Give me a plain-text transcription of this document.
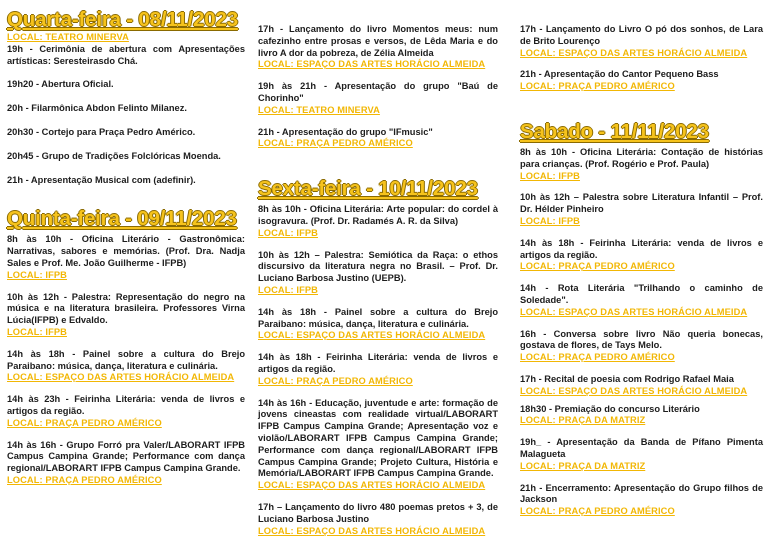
Quarta-feira - 08/11/2023
LOCAL: TEATRO MINERVA
19h - Cerimônia de abertura com Apresentações artísticas: Seresteirasdo Chá.
19h20 - Abertura Oficial.
20h - Filarmônica Abdon Felinto Milanez.
20h30 - Cortejo para Praça Pedro Américo.
20h45 - Grupo de Tradições Folclóricas Moenda.
21h - Apresentação Musical com (adefinir).
Quinta-feira - 09/11/2023
8h às 10h - Oficina Literário - Gastronômica: Narrativas, sabores e memórias. (Prof. Dra. Nadja Sales e Prof. Me. João Guilherme - IFPB)
LOCAL: IFPB
10h às 12h - Palestra: Representação do negro na música e na literatura brasileira. Professores Virna Lúcia(IFPB) e Edvaldo.
LOCAL: IFPB
14h às 18h - Painel sobre a cultura do Brejo Paraibano: música, dança, literatura e culinária.
LOCAL: ESPAÇO DAS ARTES HORÁCIO ALMEIDA
14h às 23h - Feirinha Literária: venda de livros e artigos da região.
LOCAL: PRAÇA PEDRO AMÉRICO
14h às 16h - Grupo Forró pra Valer/LABORART IFPB Campus Campina Grande; Performance com dança regional/LABORART IFPB Campus Campina Grande.
LOCAL: PRAÇA PEDRO AMÉRICO
17h - Lançamento do livro Momentos meus: num cafezinho entre prosas e versos, de Lêda Maria e do livro A dor da pobreza, de Zélia Almeida
LOCAL: ESPAÇO DAS ARTES HORÁCIO ALMEIDA
19h às 21h - Apresentação do grupo "Baú de Chorinho"
LOCAL: TEATRO MINERVA
21h - Apresentação do grupo "IFmusic"
LOCAL: PRAÇA PEDRO AMÉRICO
Sexta-feira - 10/11/2023
8h às 10h - Oficina Literária: Arte popular: do cordel à isogravura. (Prof. Dr. Radamés A. R. da Silva)
LOCAL: IFPB
10h às 12h – Palestra: Semiótica da Raça: o ethos discursivo da literatura negra no Brasil. – Prof. Dr. Luciano Barbosa Justino (UEPB).
LOCAL: IFPB
14h às 18h - Painel sobre a cultura do Brejo Paraibano: música, dança, literatura e culinária.
LOCAL: ESPAÇO DAS ARTES HORÁCIO ALMEIDA
14h às 18h - Feirinha Literária: venda de livros e artigos da região.
LOCAL: PRAÇA PEDRO AMÉRICO
14h às 16h - Educação, juventude e arte: formação de jovens cineastas com realidade virtual/LABORART IFPB Campus Campina Grande; Apresentação voz e violão/LABORART IFPB Campus Campina Grande; Performance com dança regional/LABORART IFPB Campus Campina Grande; Projeto Cultura, História e Memória/LABORART IFPB Campus Campina Grande.
LOCAL: ESPAÇO DAS ARTES HORÁCIO ALMEIDA
17h – Lançamento do livro 480 poemas pretos + 3, de Luciano Barbosa Justino
LOCAL: ESPAÇO DAS ARTES HORÁCIO ALMEIDA
17h - Lançamento do Livro O pó dos sonhos, de Lara de Brito Lourenço
LOCAL: ESPAÇO DAS ARTES HORÁCIO ALMEIDA
21h - Apresentação do Cantor Pequeno Bass
LOCAL: PRAÇA PEDRO AMÉRICO
Sabado - 11/11/2023
8h às 10h - Oficina Literária: Contação de histórias para crianças. (Prof. Rogério e Prof. Paula)
LOCAL: IFPB
10h às 12h – Palestra sobre Literatura Infantil – Prof. Dr. Hélder Pinheiro
LOCAL: IFPB
14h às 18h - Feirinha Literária: venda de livros e artigos da região.
LOCAL: PRAÇA PEDRO AMÉRICO
14h - Rota Literária "Trilhando o caminho de Soledade".
LOCAL: ESPAÇO DAS ARTES HORÁCIO ALMEIDA
16h - Conversa sobre livro Não queria bonecas, gostava de flores, de Tays Melo.
LOCAL: PRAÇA PEDRO AMÉRICO
17h - Recital de poesia com Rodrigo Rafael Maia
LOCAL: ESPAÇO DAS ARTES HORÁCIO ALMEIDA
18h30 - Premiação do concurso Literário
LOCAL: PRAÇA DA MATRIZ
19h_ - Apresentação da Banda de Pífano Pimenta Malagueta
LOCAL: PRAÇA DA MATRIZ
21h - Encerramento: Apresentação do Grupo filhos de Jackson
LOCAL: PRAÇA PEDRO AMÉRICO
